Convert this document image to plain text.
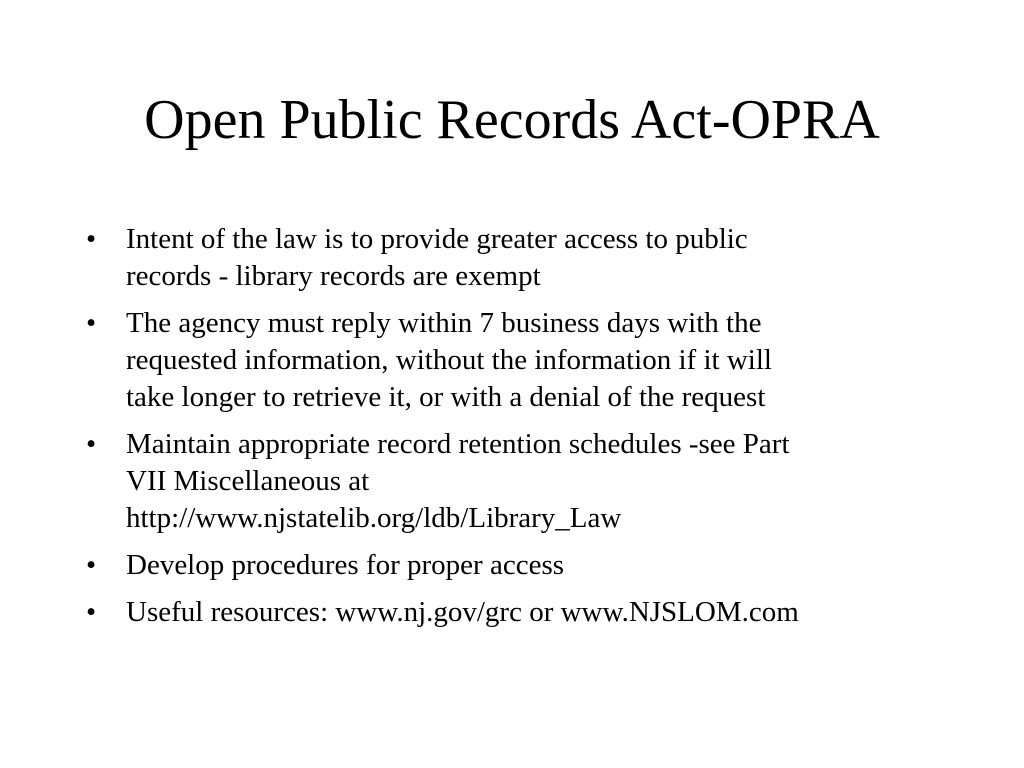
Open Public Records Act-OPRA
•	Intent of the law is to provide greater access to public
records - library records are exempt
•	The agency must reply within 7 business days with the
requested information, without the information if it will
take longer to retrieve it, or with a denial of the request
•	Maintain appropriate record retention schedules -see Part
VII Miscellaneous at
http://www.njstatelib.org/ldb/Library_Law
•	Develop procedures for proper access
•	Useful resources: www.nj.gov/grc or www.NJSLOM.com
